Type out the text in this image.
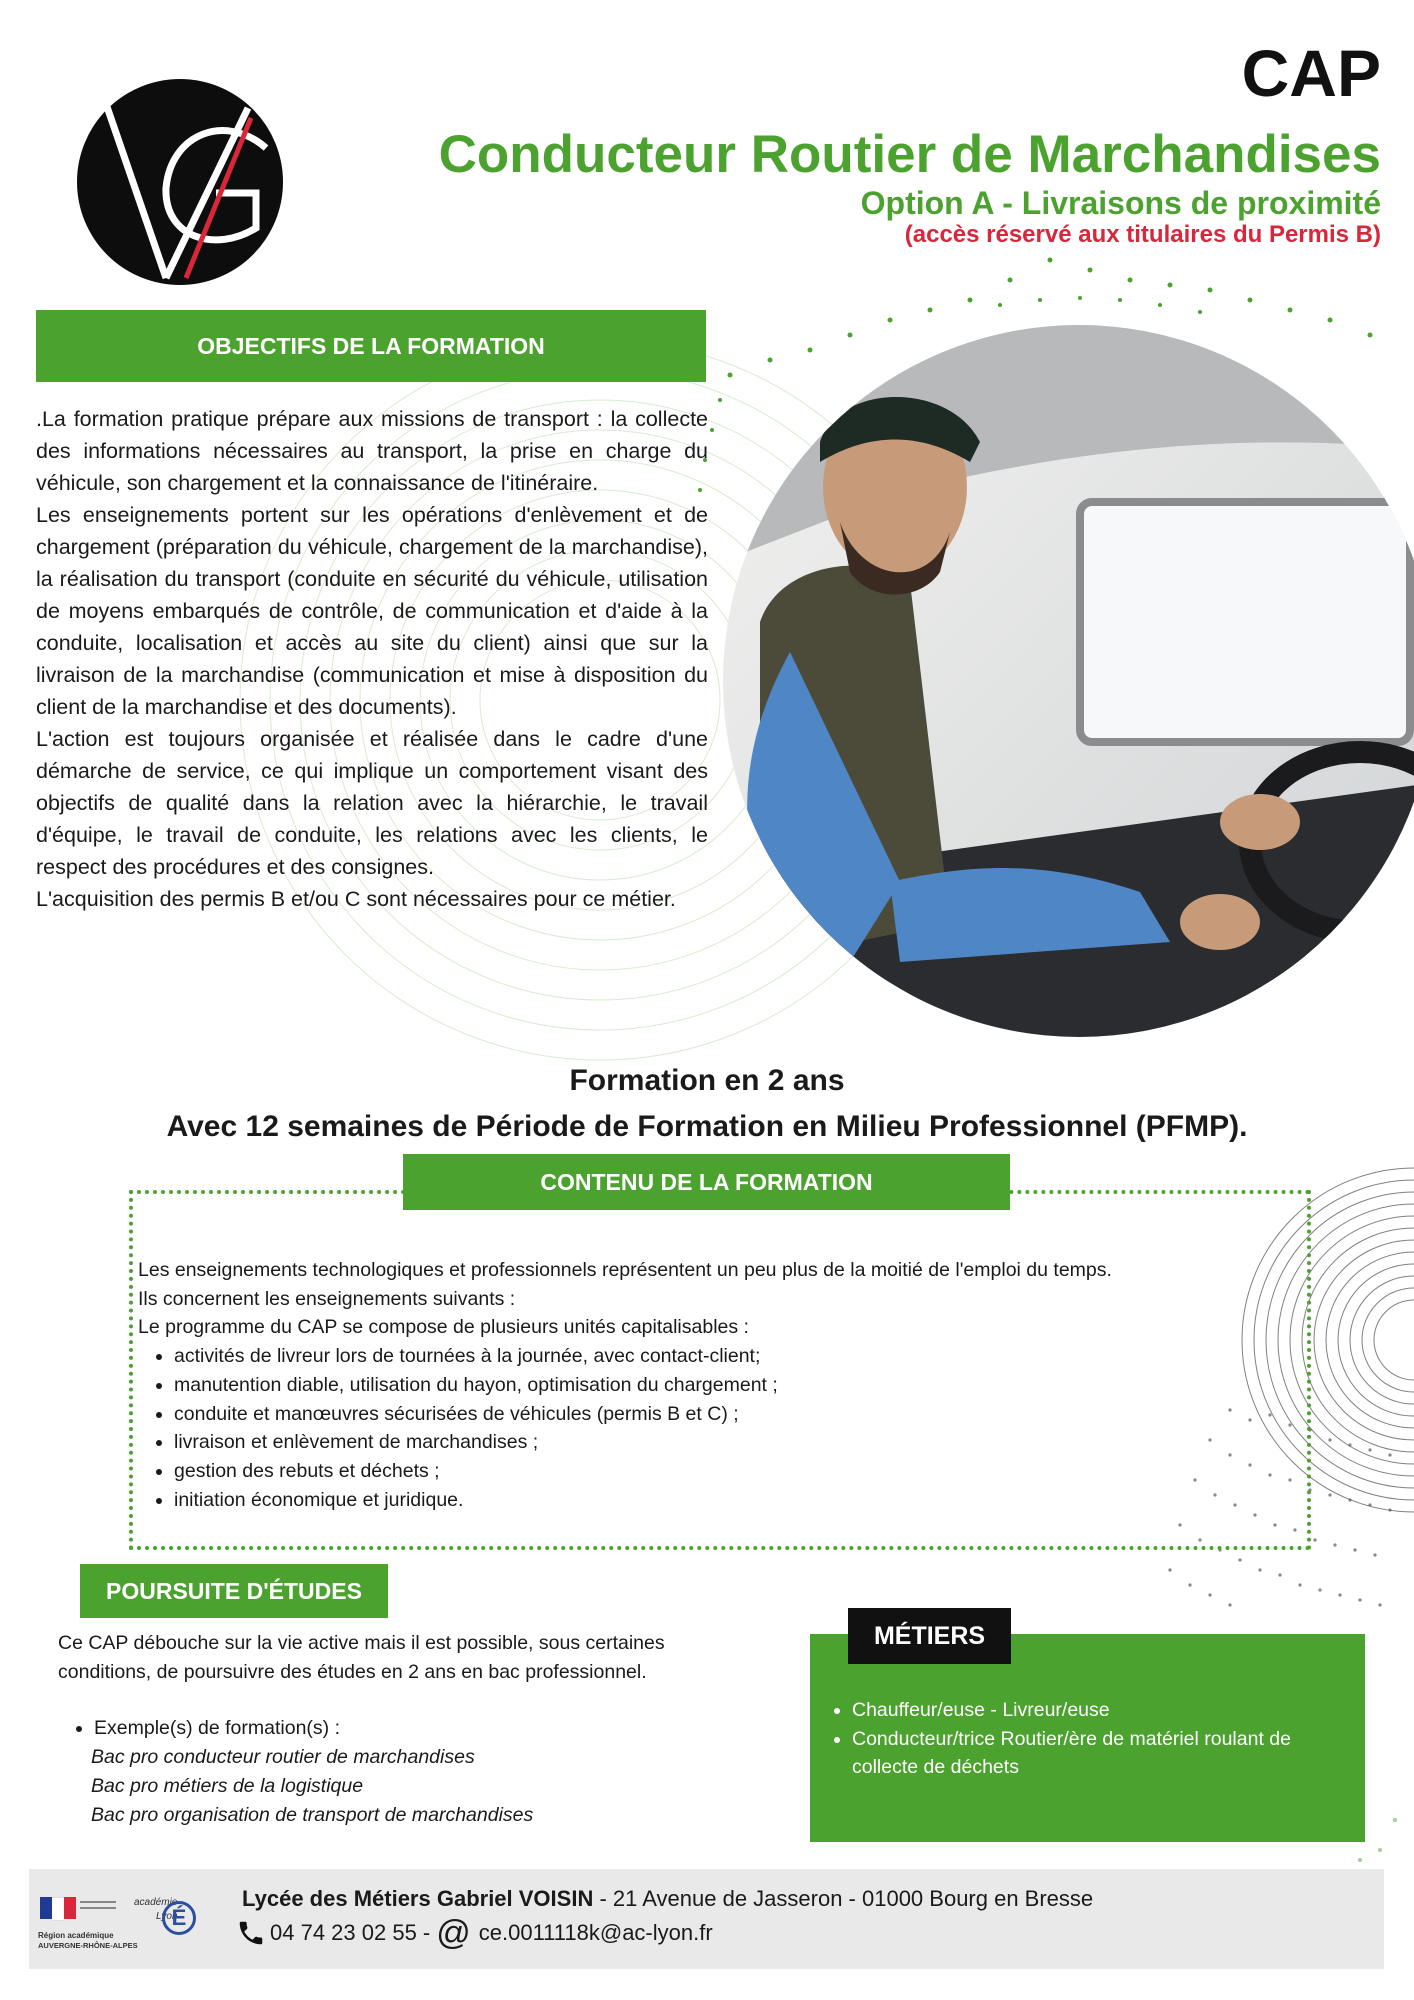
CAP
Conducteur Routier de Marchandises
Option A - Livraisons de proximité
(accès réservé aux titulaires du Permis B)
OBJECTIFS DE LA FORMATION

.La formation pratique prépare aux missions de transport : la collecte des informations nécessaires au transport, la prise en charge du véhicule, son chargement et la connaissance de l'itinéraire.

Les enseignements portent sur les opérations d'enlèvement et de chargement (préparation du véhicule, chargement de la marchandise), la réalisation du transport (conduite en sécurité du véhicule, utilisation de moyens embarqués de contrôle, de communication et d'aide à la conduite, localisation et accès au site du client) ainsi que sur la livraison de la marchandise (communication et mise à disposition du client de la marchandise et des documents).

L'action est toujours organisée et réalisée dans le cadre d'une démarche de service, ce qui implique un comportement visant des objectifs de qualité dans la relation avec la hiérarchie, le travail d'équipe, le travail de conduite, les relations avec les clients, le respect des procédures et des consignes.

L'acquisition des permis B et/ou C sont nécessaires pour ce métier.

Formation en 2 ans
Avec 12 semaines de Période de Formation en Milieu Professionnel (PFMP).
CONTENU DE LA FORMATION

Les enseignements technologiques et professionnels représentent un peu plus de la moitié de l'emploi du temps.

Ils concernent les enseignements suivants :

Le programme du CAP se compose de plusieurs unités capitalisables :

• activités de livreur lors de tournées à la journée, avec contact-client;
• manutention diable, utilisation du hayon, optimisation du chargement ;
• conduite et manœuvres sécurisées de véhicules (permis B et C) ;
• livraison et enlèvement de marchandises ;
• gestion des rebuts et déchets ;
• initiation économique et juridique.
POURSUITE D'ÉTUDES

Ce CAP débouche sur la vie active mais il est possible, sous certaines conditions, de poursuivre des études en 2 ans en bac professionnel.

• Exemple(s) de formation(s) :
Bac pro conducteur routier de marchandises
Bac pro métiers de la logistique
Bac pro organisation de transport de marchandises
MÉTIERS
• Chauffeur/euse - Livreur/euse
• Conducteur/trice Routier/ère de matériel roulant de collecte de déchets
Région académique
AUVERGNE-RHÔNE-ALPES
académie
Lyon
É
Lycée des Métiers Gabriel VOISIN - 21 Avenue de Jasseron - 01000 Bourg en Bresse
04 74 23 02 55 - @ ce.0011118k@ac-lyon.fr
